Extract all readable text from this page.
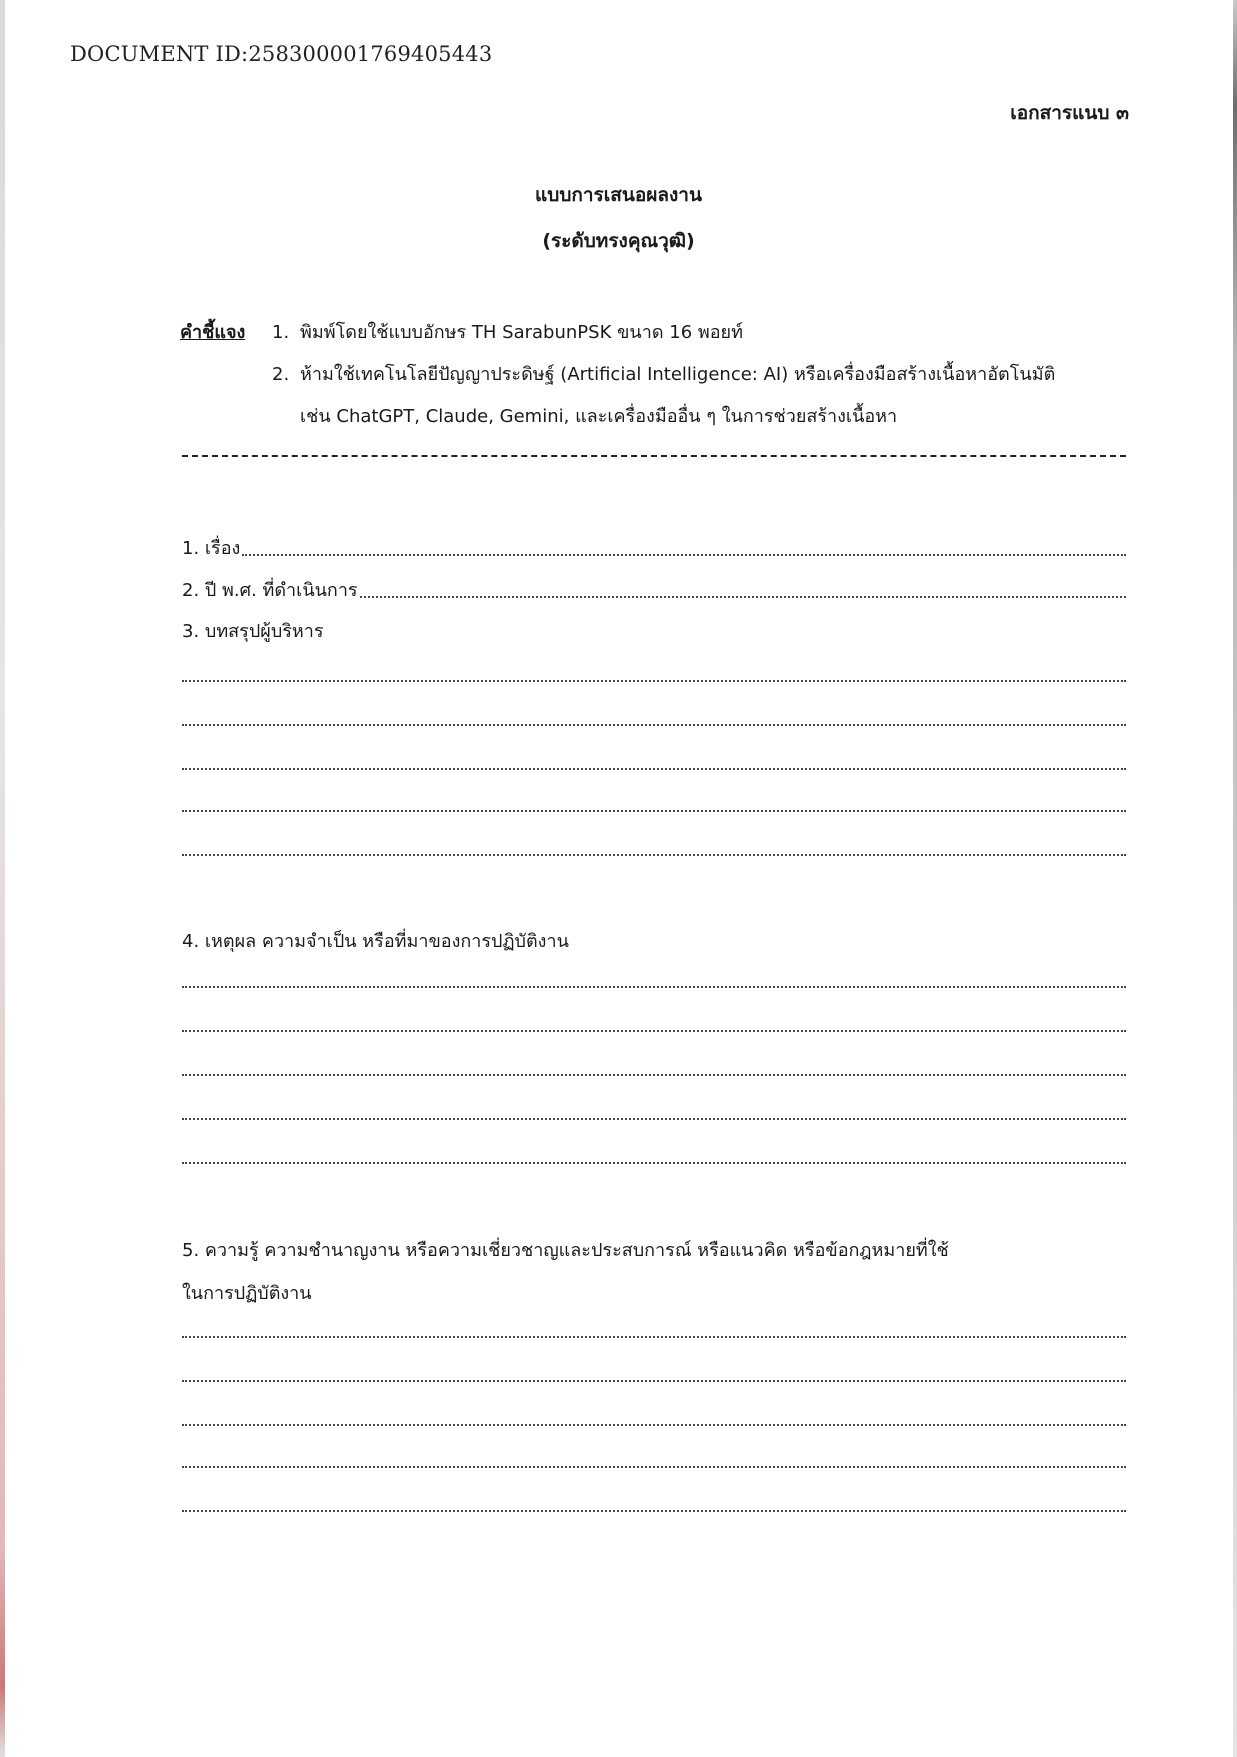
DOCUMENT ID:258300001769405443
เอกสารแนบ ๓
แบบการเสนอผลงาน
(ระดับทรงคุณวุฒิ)
คำชี้แจง 1. พิมพ์โดยใช้แบบอักษร TH SarabunPSK ขนาด 16 พอยท์
2. ห้ามใช้เทคโนโลยีปัญญาประดิษฐ์ (Artificial Intelligence: AI) หรือเครื่องมือสร้างเนื้อหาอัตโนมัติ
เช่น ChatGPT, Claude, Gemini, และเครื่องมืออื่น ๆ ในการช่วยสร้างเนื้อหา
1. เรื่อง
2. ปี พ.ศ. ที่ดำเนินการ
3. บทสรุปผู้บริหาร
4. เหตุผล ความจำเป็น หรือที่มาของการปฏิบัติงาน
5. ความรู้ ความชำนาญงาน หรือความเชี่ยวชาญและประสบการณ์ หรือแนวคิด หรือข้อกฎหมายที่ใช้
ในการปฏิบัติงาน
